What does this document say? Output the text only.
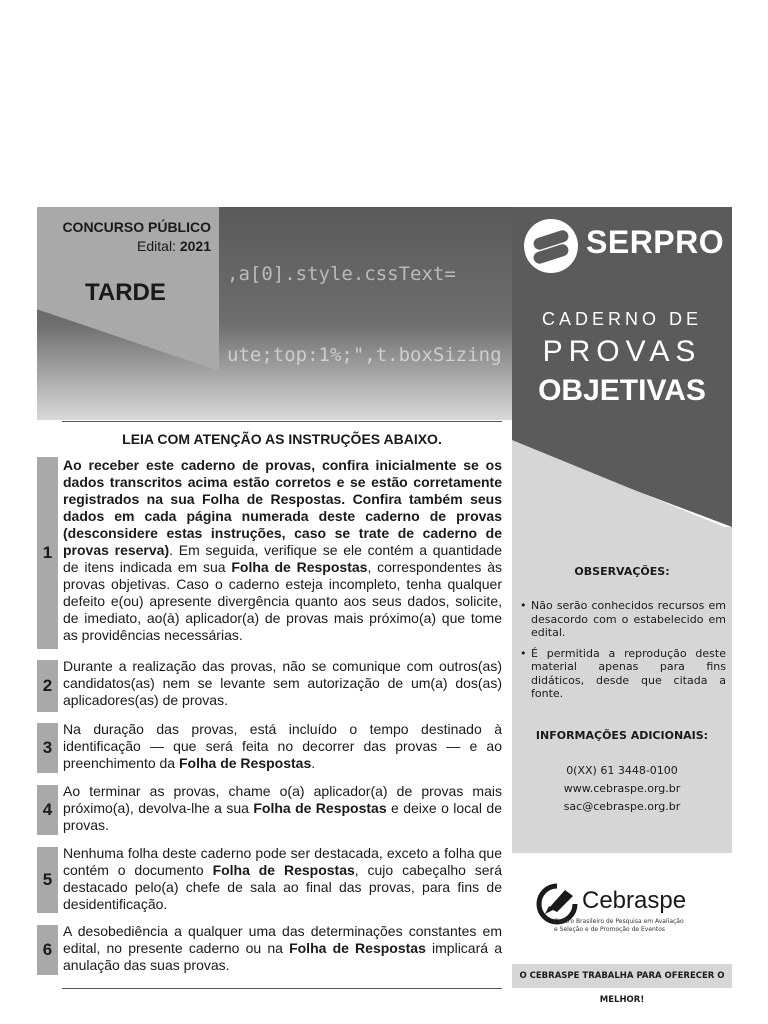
,a[0].style.cssText=

ute;top:1%;",t.boxSizing

CONCURSO PÚBLICO
Edital: 2021
TARDE
SERPRO
CADERNO DE
PROVAS
OBJETIVAS
OBSERVAÇÕES:
• Não serão conhecidos recursos em desacordo com o estabelecido em edital.
• É permitida a reprodução deste material apenas para fins didáticos, desde que citada a fonte.
INFORMAÇÕES ADICIONAIS:
0(XX) 61 3448-0100
www.cebraspe.org.br
sac@cebraspe.org.br
Cebraspe
Centro Brasileiro de Pesquisa em Avaliação
e Seleção e de Promoção de Eventos
O CEBRASPE TRABALHA PARA OFERECER O MELHOR!
LEIA COM ATENÇÃO AS INSTRUÇÕES ABAIXO.
1
Ao receber este caderno de provas, confira inicialmente se os dados transcritos acima estão corretos e se estão corretamente registrados na sua Folha de Respostas. Confira também seus dados em cada página numerada deste caderno de provas (desconsidere estas instruções, caso se trate de caderno de provas reserva). Em seguida, verifique se ele contém a quantidade de itens indicada em sua Folha de Respostas, correspondentes às provas objetivas. Caso o caderno esteja incompleto, tenha qualquer defeito e(ou) apresente divergência quanto aos seus dados, solicite, de imediato, ao(à) aplicador(a) de provas mais próximo(a) que tome as providências necessárias.
2
Durante a realização das provas, não se comunique com outros(as) candidatos(as) nem se levante sem autorização de um(a) dos(as) aplicadores(as) de provas.
3
Na duração das provas, está incluído o tempo destinado à identificação — que será feita no decorrer das provas — e ao preenchimento da Folha de Respostas.
4
Ao terminar as provas, chame o(a) aplicador(a) de provas mais próximo(a), devolva-lhe a sua Folha de Respostas e deixe o local de provas.
5
Nenhuma folha deste caderno pode ser destacada, exceto a folha que contém o documento Folha de Respostas, cujo cabeçalho será destacado pelo(a) chefe de sala ao final das provas, para fins de desidentificação.
6
A desobediência a qualquer uma das determinações constantes em edital, no presente caderno ou na Folha de Respostas implicará a anulação das suas provas.
